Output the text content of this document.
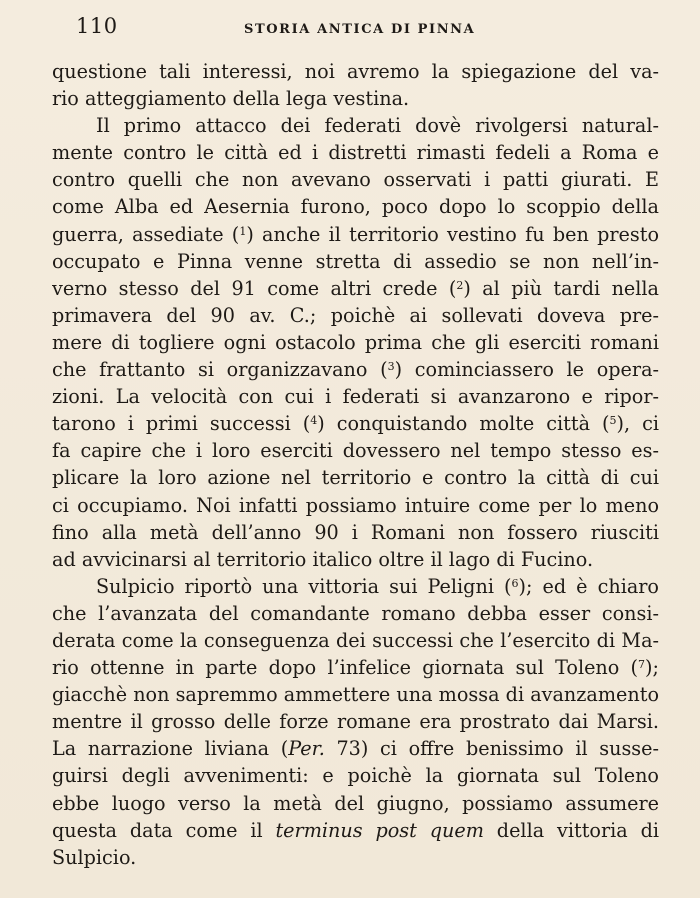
110	STORIA ANTICA DI PINNA
questione tali interessi, noi avremo la spiegazione del va-
rio atteggiamento della lega vestina.
Il primo attacco dei federati dovè rivolgersi natural-
mente contro le città ed i distretti rimasti fedeli a Roma e
contro quelli che non avevano osservati i patti giurati. E
come Alba ed Aesernia furono, poco dopo lo scoppio della
guerra, assediate ($^1$) anche il territorio vestino fu ben presto
occupato e Pinna venne stretta di assedio se non nell’in-
verno stesso del 91 come altri crede ($^2$) al più tardi nella
primavera del 90 av. C.; poichè ai sollevati doveva pre-
mere di togliere ogni ostacolo prima che gli eserciti romani
che frattanto si organizzavano ($^3$) cominciassero le opera-
zioni. La velocità con cui i federati si avanzarono e ripor-
tarono i primi successi ($^4$) conquistando molte città ($^5$), ci
fa capire che i loro eserciti dovessero nel tempo stesso es-
plicare la loro azione nel territorio e contro la città di cui
ci occupiamo. Noi infatti possiamo intuire come per lo meno
fino alla metà dell’anno 90 i Romani non fossero riusciti
ad avvicinarsi al territorio italico oltre il lago di Fucino.
Sulpicio riportò una vittoria sui Peligni ($^6$); ed è chiaro
che l’avanzata del comandante romano debba esser consi-
derata come la conseguenza dei successi che l’esercito di Ma-
rio ottenne in parte dopo l’infelice giornata sul Toleno ($^7$);
giacchè non sapremmo ammettere una mossa di avanzamento
mentre il grosso delle forze romane era prostrato dai Marsi.
La narrazione liviana (Per. 73) ci offre benissimo il susse-
guirsi degli avvenimenti: e poichè la giornata sul Toleno
ebbe luogo verso la metà del giugno, possiamo assumere
questa data come il terminus post quem della vittoria di
Sulpicio.
